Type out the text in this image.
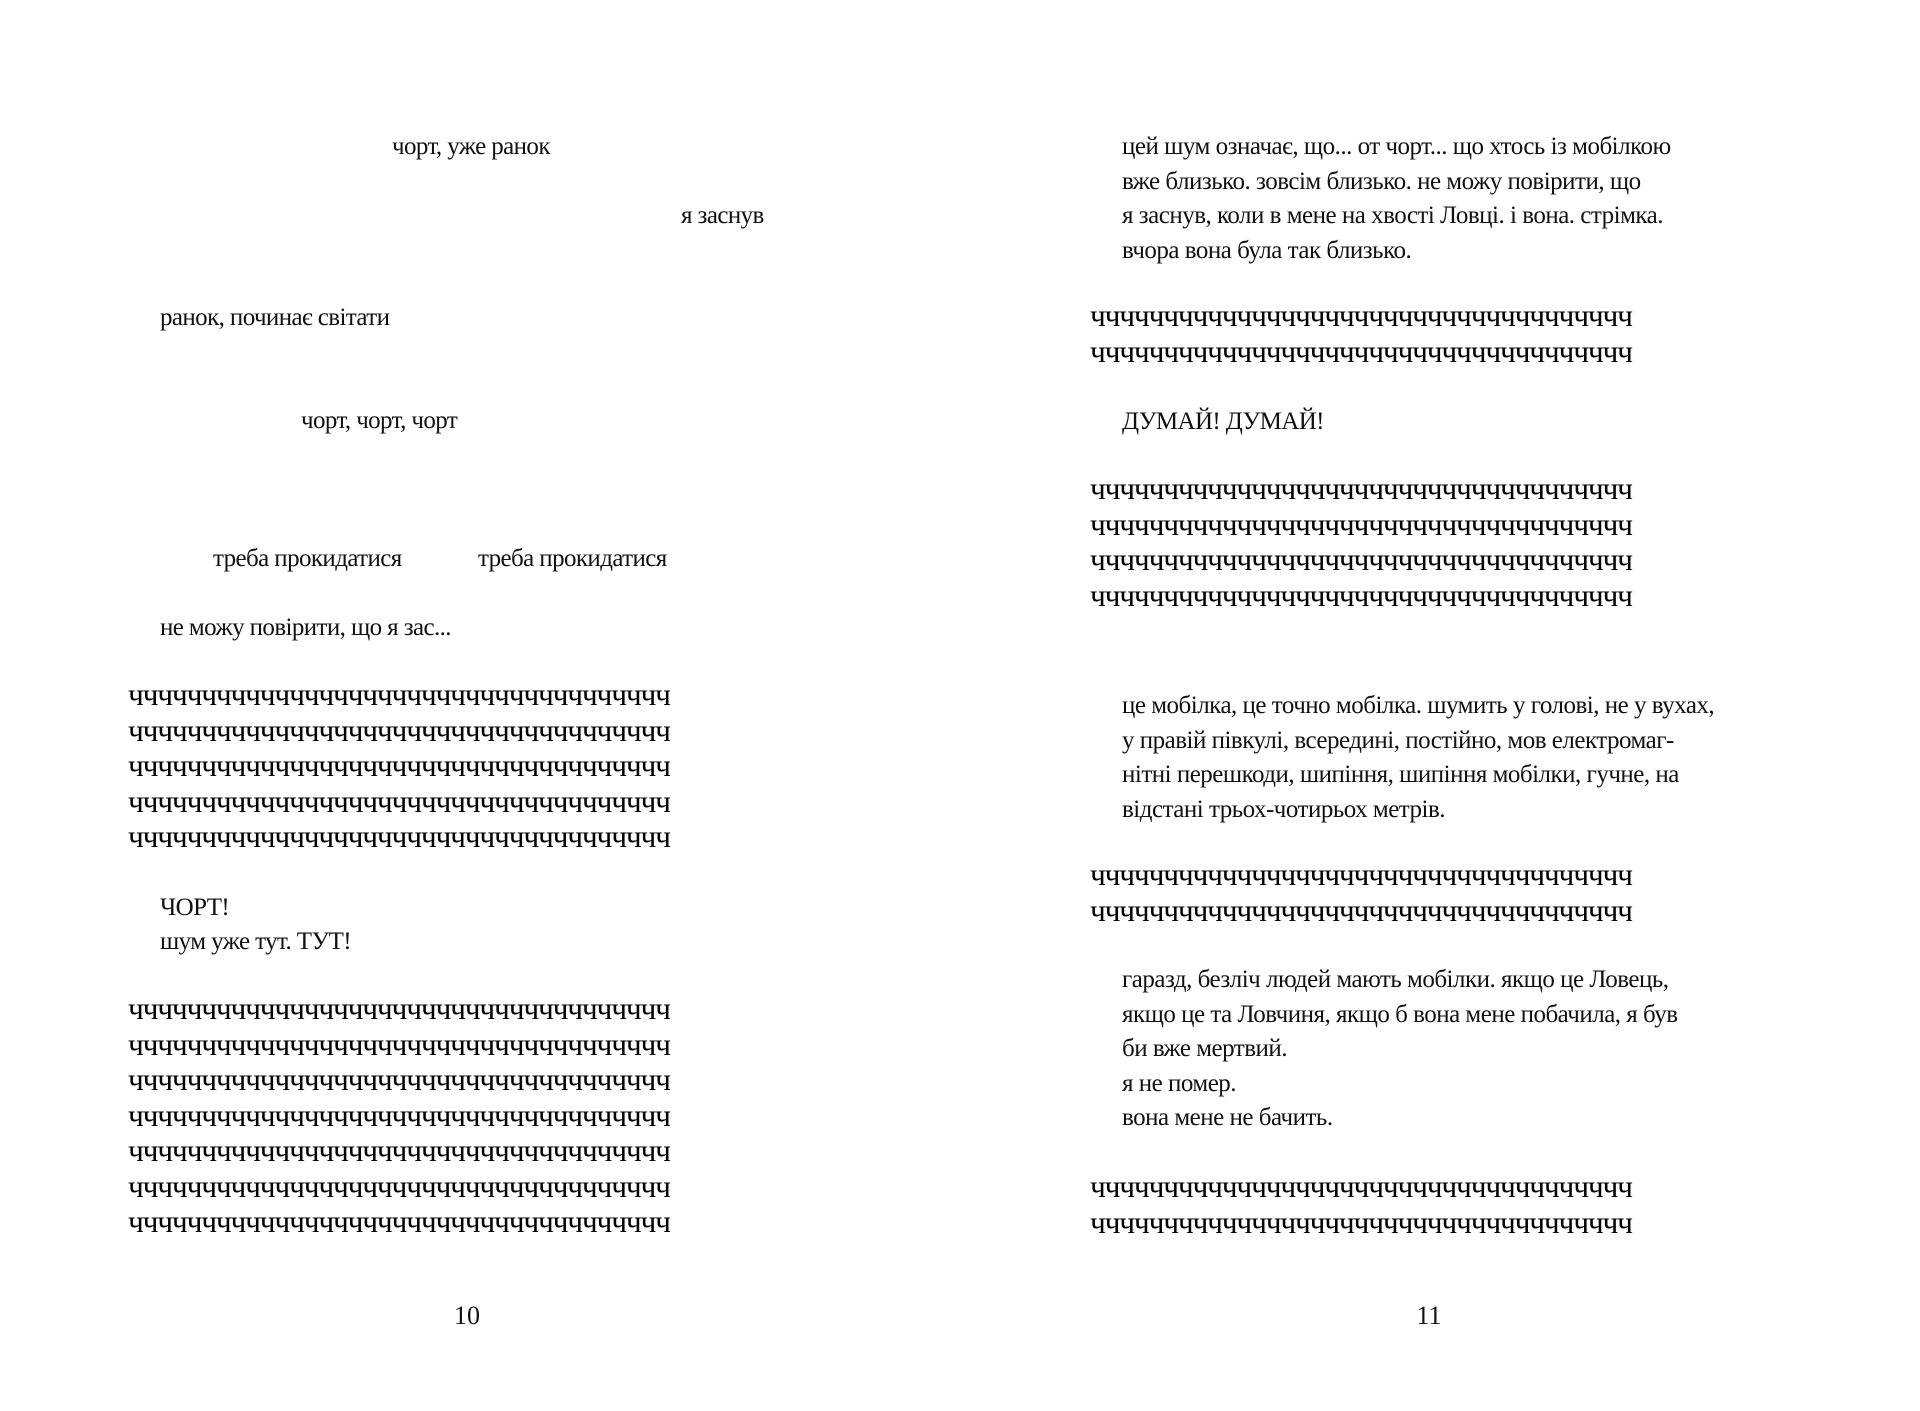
чорт, уже ранок

я заснув

ранок, починає світати

чорт, чорт, чорт

треба прокидатися	треба прокидатися

не можу повірити, що я зас...

ччччччччччччччччччччччччччччччччччччч
ччччччччччччччччччччччччччччччччччччч
ччччччччччччччччччччччччччччччччччччч
ччччччччччччччччччччччччччччччччччччч
ччччччччччччччччччччччччччччччччччччч

ЧОРТ!

шум уже тут. ТУТ!

ччччччччччччччччччччччччччччччччччччч
ччччччччччччччччччччччччччччччччччччч
ччччччччччччччччччччччччччччччччччччч
ччччччччччччччччччччччччччччччччччччч
ччччччччччччччччччччччччччччччччччччч
ччччччччччччччччччччччччччччччччччччч
ччччччччччччччччччччччччччччччччччччч

10

цей шум означає, що... от чорт... що хтось із мобілкою
вже близько. зовсім близько. не можу повірити, що
я заснув, коли в мене на хвості Ловці. і вона. стрімка.
вчора вона була так близько.
ччччччччччччччччччччччччччччччччччччч
ччччччччччччччччччччччччччччччччччччч

ДУМАЙ! ДУМАЙ!

ччччччччччччччччччччччччччччччччччччч
ччччччччччччччччччччччччччччччччччччч
ччччччччччччччччччччччччччччччччччччч
ччччччччччччччччччччччччччччччччччччч
це мобілка, це точно мобілка. шумить у голові, не у вухах,
у правій півкулі, всередині, постійно, мов електромаг-
нітні перешкоди, шипіння, шипіння мобілки, гучне, на
відстані трьох-чотирьох метрів.
ччччччччччччччччччччччччччччччччччччч
ччччччччччччччччччччччччччччччччччччч
гаразд, безліч людей мають мобілки. якщо це Ловець,
якщо це та Ловчиня, якщо б вона мене побачила, я був
би вже мертвий.
я не помер.
вона мене не бачить.
ччччччччччччччччччччччччччччччччччччч
ччччччччччччччччччччччччччччччччччччч

11
